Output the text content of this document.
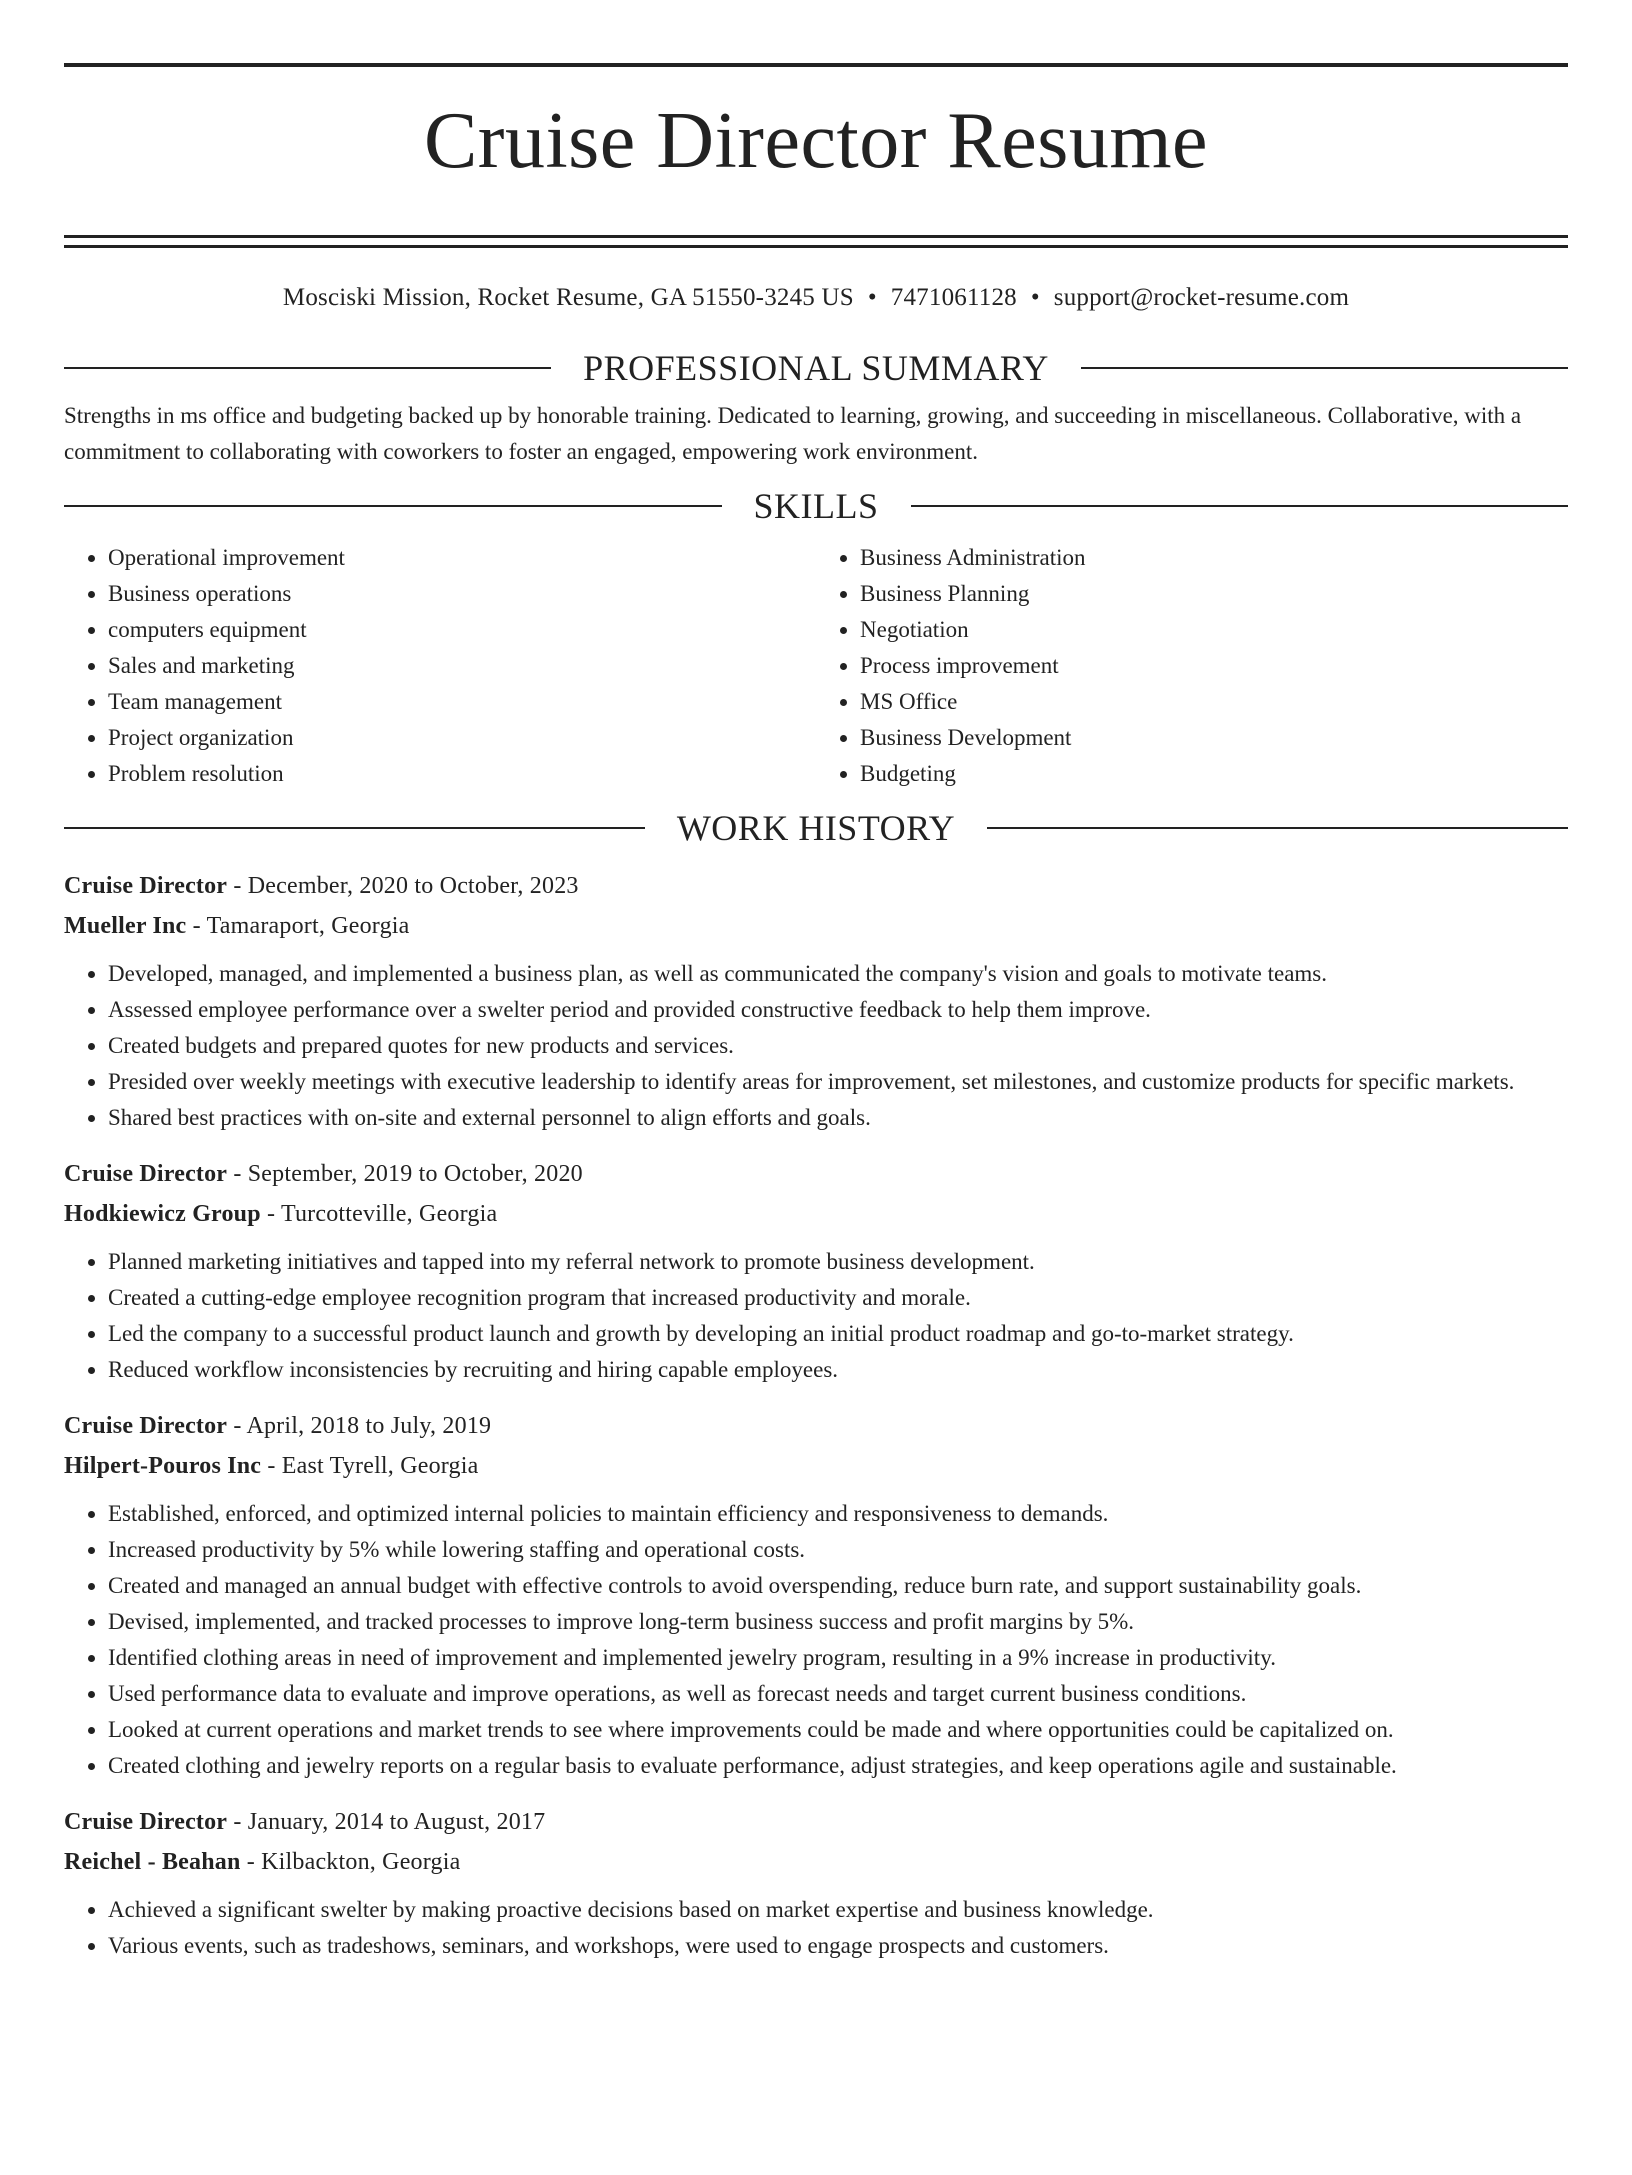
Cruise Director Resume
Mosciski Mission, Rocket Resume, GA 51550-3245 US • 7471061128 • support@rocket-resume.com
PROFESSIONAL SUMMARY

Strengths in ms office and budgeting backed up by honorable training. Dedicated to learning, growing, and succeeding in miscellaneous. Collaborative, with a commitment to collaborating with coworkers to foster an engaged, empowering work environment.

SKILLS
• Operational improvement
• Business operations
• computers equipment
• Sales and marketing
• Team management
• Project organization
• Problem resolution
• Business Administration
• Business Planning
• Negotiation
• Process improvement
• MS Office
• Business Development
• Budgeting
WORK HISTORY
Cruise Director - December, 2020 to October, 2023
Mueller Inc - Tamaraport, Georgia
• Developed, managed, and implemented a business plan, as well as communicated the company's vision and goals to motivate teams.
• Assessed employee performance over a swelter period and provided constructive feedback to help them improve.
• Created budgets and prepared quotes for new products and services.
• Presided over weekly meetings with executive leadership to identify areas for improvement, set milestones, and customize products for specific markets.
• Shared best practices with on-site and external personnel to align efforts and goals.
Cruise Director - September, 2019 to October, 2020
Hodkiewicz Group - Turcotteville, Georgia
• Planned marketing initiatives and tapped into my referral network to promote business development.
• Created a cutting-edge employee recognition program that increased productivity and morale.
• Led the company to a successful product launch and growth by developing an initial product roadmap and go-to-market strategy.
• Reduced workflow inconsistencies by recruiting and hiring capable employees.
Cruise Director - April, 2018 to July, 2019
Hilpert-Pouros Inc - East Tyrell, Georgia
• Established, enforced, and optimized internal policies to maintain efficiency and responsiveness to demands.
• Increased productivity by 5% while lowering staffing and operational costs.
• Created and managed an annual budget with effective controls to avoid overspending, reduce burn rate, and support sustainability goals.
• Devised, implemented, and tracked processes to improve long-term business success and profit margins by 5%.
• Identified clothing areas in need of improvement and implemented jewelry program, resulting in a 9% increase in productivity.
• Used performance data to evaluate and improve operations, as well as forecast needs and target current business conditions.
• Looked at current operations and market trends to see where improvements could be made and where opportunities could be capitalized on.
• Created clothing and jewelry reports on a regular basis to evaluate performance, adjust strategies, and keep operations agile and sustainable.
Cruise Director - January, 2014 to August, 2017
Reichel - Beahan - Kilbackton, Georgia
• Achieved a significant swelter by making proactive decisions based on market expertise and business knowledge.
• Various events, such as tradeshows, seminars, and workshops, were used to engage prospects and customers.
